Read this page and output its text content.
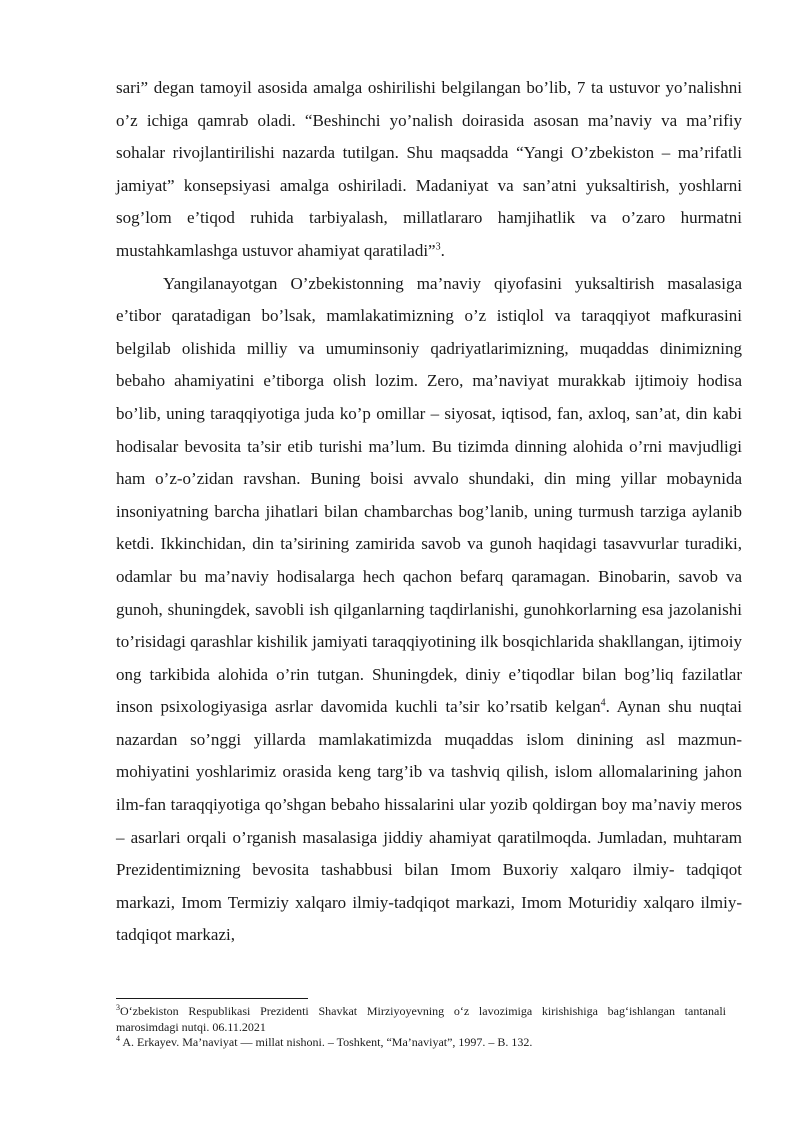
sari” degan tamoyil asosida amalga oshirilishi belgilangan bo’lib, 7 ta ustuvor yo’nalishni o’z ichiga qamrab oladi. “Beshinchi yo’nalish doirasida asosan ma’naviy va ma’rifiy sohalar rivojlantirilishi nazarda tutilgan. Shu maqsadda “Yangi O’zbekiston – ma’rifatli jamiyat” konsepsiyasi amalga oshiriladi. Madaniyat va san’atni yuksaltirish, yoshlarni sog’lom e’tiqod ruhida tarbiyalash, millatlararo hamjihatlik va o’zaro hurmatni mustahkamlashga ustuvor ahamiyat qaratiladi”$^3$.

Yangilanayotgan O’zbekistonning ma’naviy qiyofasini yuksaltirish masalasiga e’tibor qaratadigan bo’lsak, mamlakatimizning o’z istiqlol va taraqqiyot mafkurasini belgilab olishida milliy va umuminsoniy qadriyatlarimizning, muqaddas dinimizning bebaho ahamiyatini e’tiborga olish lozim. Zero, ma’naviyat murakkab ijtimoiy hodisa bo’lib, uning taraqqiyotiga juda ko’p omillar – siyosat, iqtisod, fan, axloq, san’at, din kabi hodisalar bevosita ta’sir etib turishi ma’lum. Bu tizimda dinning alohida o’rni mavjudligi ham o’z-o’zidan ravshan. Buning boisi avvalo shundaki, din ming yillar mobaynida insoniyatning barcha jihatlari bilan chambarchas bog’lanib, uning turmush tarziga aylanib ketdi. Ikkinchidan, din ta’sirining zamirida savob va gunoh haqidagi tasavvurlar turadiki, odamlar bu ma’naviy hodisalarga hech qachon befarq qaramagan. Binobarin, savob va gunoh, shuningdek, savobli ish qilganlarning taqdirlanishi, gunohkorlarning esa jazolanishi to’risidagi qarashlar kishilik jamiyati taraqqiyotining ilk bosqichlarida shakllangan, ijtimoiy ong tarkibida alohida o’rin tutgan. Shuningdek, diniy e’tiqodlar bilan bog’liq fazilatlar inson psixologiyasiga asrlar davomida kuchli ta’sir ko’rsatib kelgan$^4$. Aynan shu nuqtai nazardan so’nggi yillarda mamlakatimizda muqaddas islom dinining asl mazmun-mohiyatini yoshlarimiz orasida keng targ’ib va tashviq qilish, islom allomalarining jahon ilm-fan taraqqiyotiga qo’shgan bebaho hissalarini ular yozib qoldirgan boy ma’naviy meros – asarlari orqali o’rganish masalasiga jiddiy ahamiyat qaratilmoqda. Jumladan, muhtaram Prezidentimizning bevosita tashabbusi bilan Imom Buxoriy xalqaro ilmiy- tadqiqot markazi, Imom Termiziy xalqaro ilmiy-tadqiqot markazi, Imom Moturidiy xalqaro ilmiy-tadqiqot markazi,

$^3$O‘zbekiston Respublikasi Prezidenti Shavkat Mirziyoyevning o‘z lavozimiga kirishishiga bag‘ishlangan tantanali marosimdagi nutqi. 06.11.2021

$^4$ A. Erkayev. Ma’naviyat — millat nishoni. – Toshkent, “Ma’naviyat”, 1997. – B. 132.
